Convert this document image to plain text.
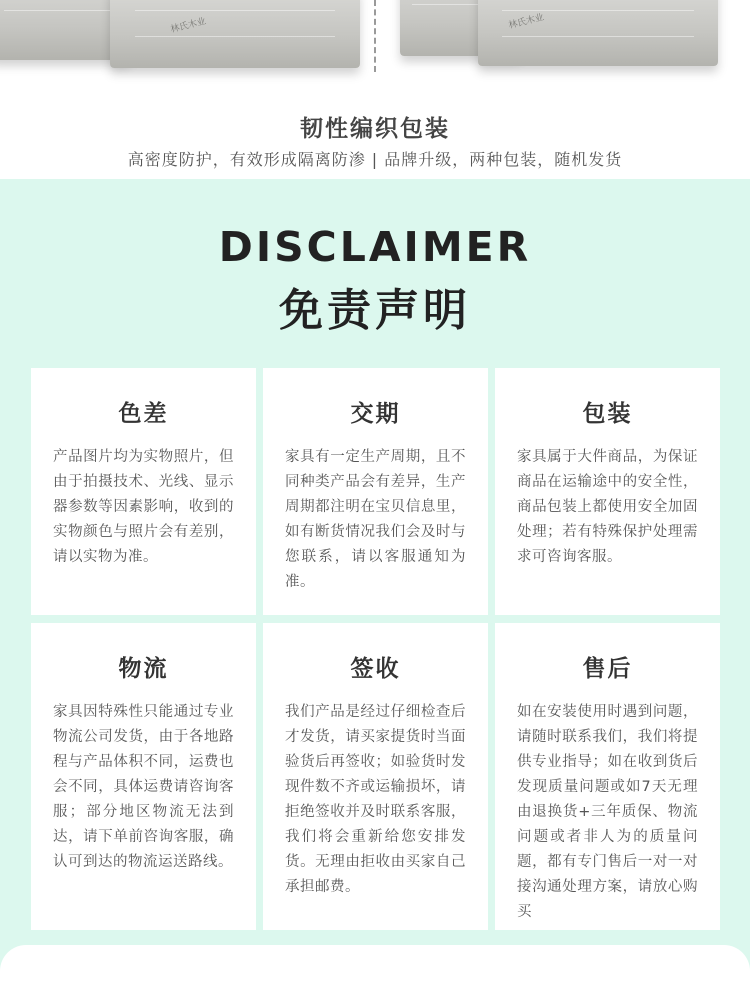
林氏木业	林氏木业
韧性编织包装
高密度防护，有效形成隔离防渗 | 品牌升级，两种包装，随机发货
DISCLAIMER
免责声明
色差
产品图片均为实物照片，但由于拍摄技术、光线、显示器参数等因素影响，收到的实物颜色与照片会有差别，请以实物为准。
交期
家具有一定生产周期，且不同种类产品会有差异，生产周期都注明在宝贝信息里，如有断货情况我们会及时与您联系，请以客服通知为准。
包装
家具属于大件商品，为保证商品在运输途中的安全性，商品包装上都使用安全加固处理；若有特殊保护处理需求可咨询客服。
物流
家具因特殊性只能通过专业物流公司发货，由于各地路程与产品体积不同，运费也会不同，具体运费请咨询客服；部分地区物流无法到达，请下单前咨询客服，确认可到达的物流运送路线。
签收
我们产品是经过仔细检查后才发货，请买家提货时当面验货后再签收；如验货时发现件数不齐或运输损坏，请拒绝签收并及时联系客服，我们将会重新给您安排发货。无理由拒收由买家自己承担邮费。
售后
如在安装使用时遇到问题，请随时联系我们，我们将提供专业指导；如在收到货后发现质量问题或如7天无理由退换货+三年质保、物流问题或者非人为的质量问题，都有专门售后一对一对接沟通处理方案，请放心购买
